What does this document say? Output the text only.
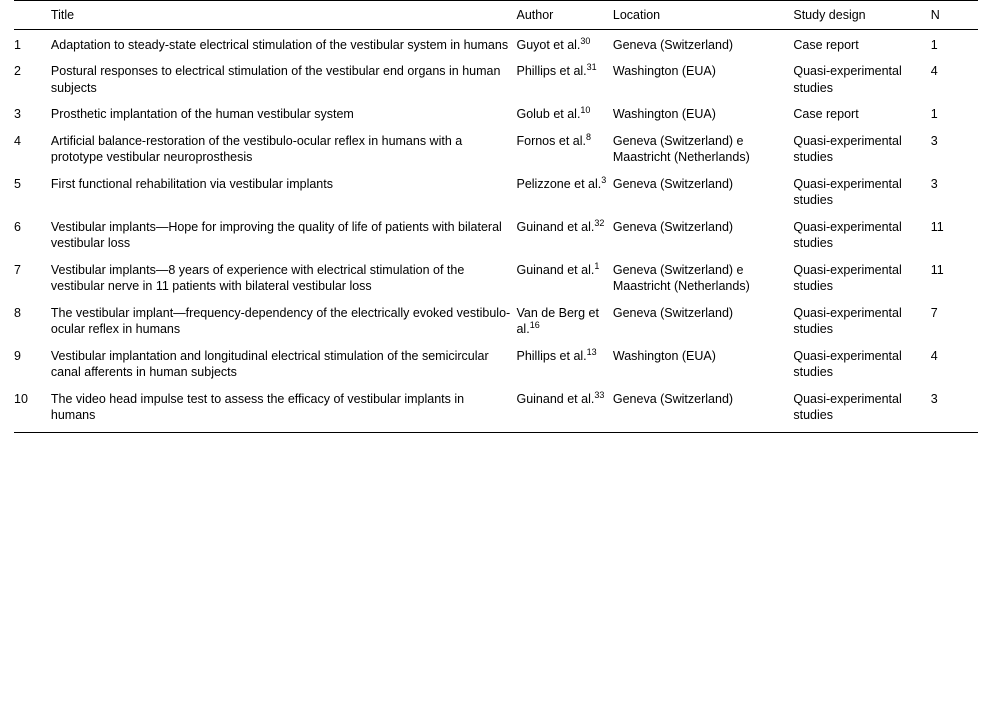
	Title	Author	Location	Study design	N
1	Adaptation to steady-state electrical stimulation of the vestibular system in humans	Guyot et al.$^{30}$	Geneva (Switzerland)	Case report	1
2	Postural responses to electrical stimulation of the vestibular end organs in human subjects	Phillips et al.$^{31}$	Washington (EUA)	Quasi-experimental studies	4
3	Prosthetic implantation of the human vestibular system	Golub et al.$^{10}$	Washington (EUA)	Case report	1
4	Artificial balance-restoration of the vestibulo-ocular reflex in humans with a prototype vestibular neuroprosthesis	Fornos et al.$^8$	Geneva (Switzerland) e Maastricht (Netherlands)	Quasi-experimental studies	3
5	First functional rehabilitation via vestibular implants	Pelizzone et al.$^3$	Geneva (Switzerland)	Quasi-experimental studies	3
6	Vestibular implants—Hope for improving the quality of life of patients with bilateral vestibular loss	Guinand et al.$^{32}$	Geneva (Switzerland)	Quasi-experimental studies	11
7	Vestibular implants—8 years of experience with electrical stimulation of the vestibular nerve in 11 patients with bilateral vestibular loss	Guinand et al.$^1$	Geneva (Switzerland) e Maastricht (Netherlands)	Quasi-experimental studies	11
8	The vestibular implant—frequency-dependency of the electrically evoked vestibulo-ocular reflex in humans	Van de Berg et al.$^{16}$	Geneva (Switzerland)	Quasi-experimental studies	7
9	Vestibular implantation and longitudinal electrical stimulation of the semicircular canal afferents in human subjects	Phillips et al.$^{13}$	Washington (EUA)	Quasi-experimental studies	4
10	The video head impulse test to assess the efficacy of vestibular implants in humans	Guinand et al.$^{33}$	Geneva (Switzerland)	Quasi-experimental studies	3
